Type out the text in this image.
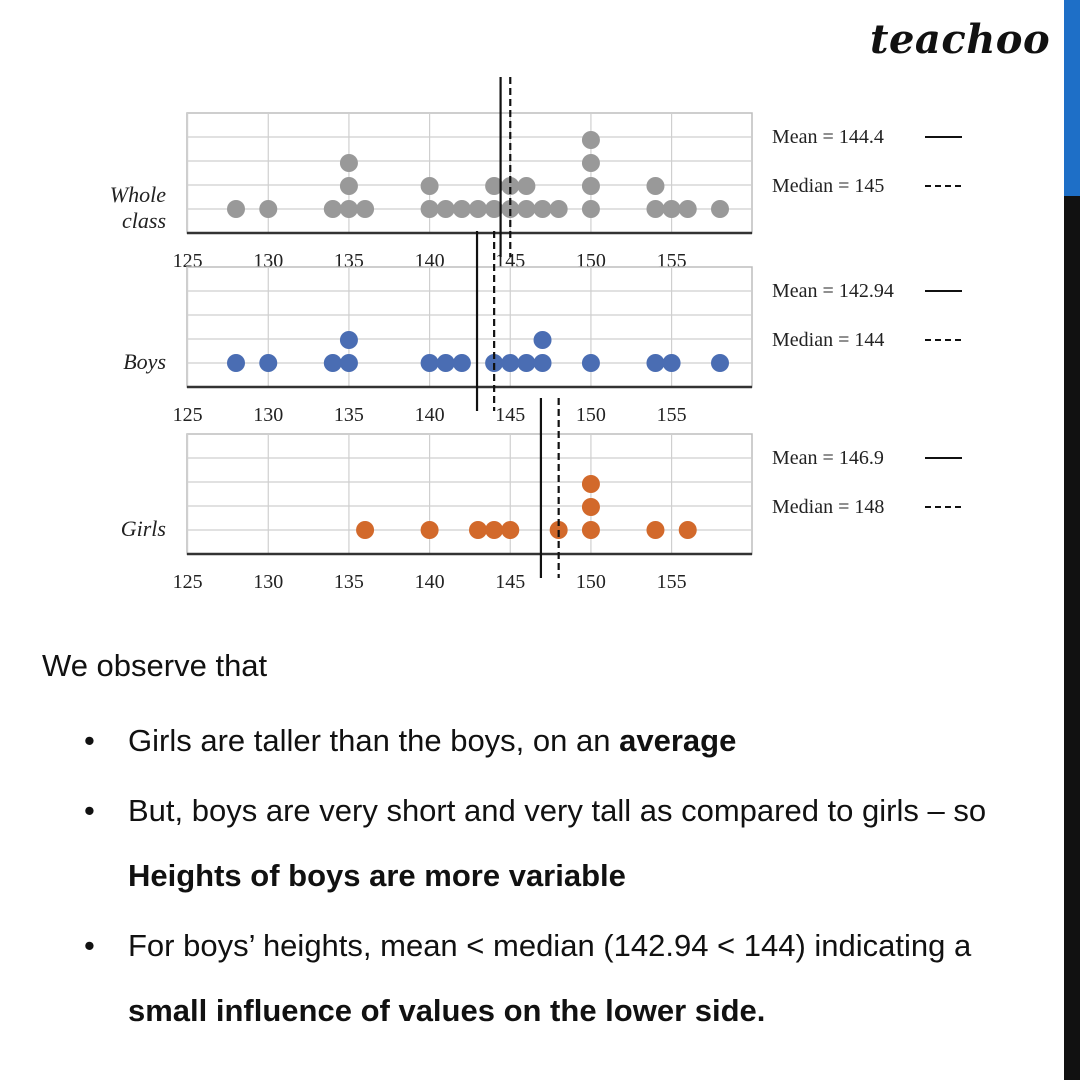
teachoo
125	130	135	140	145	150	155
Whole
class
Mean = 144.4
Median = 145
125	130	135	140	145	150	155
Boys
Mean = 142.94
Median = 144
125	130	135	140	145	150	155
Girls
Mean = 146.9
Median = 148

We observe that

• Girls are taller than the boys, on an average
• But, boys are very short and very tall as compared to girls – so Heights of boys are more variable
• For boys’ heights, mean < median (142.94 < 144) indicating a small influence of values on the lower side.
